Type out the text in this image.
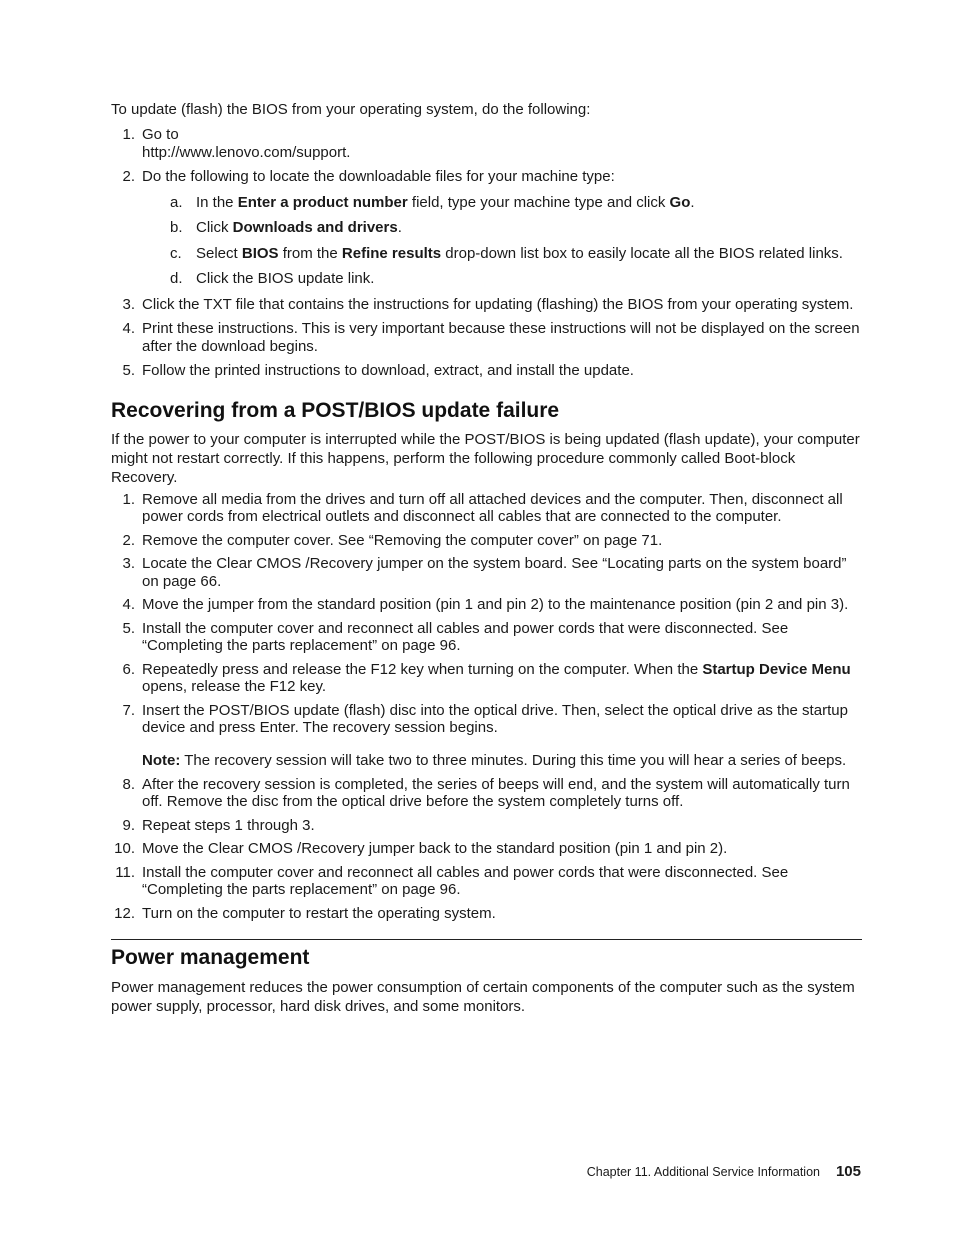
To update (flash) the BIOS from your operating system, do the following:

1. Go to
http://www.lenovo.com/support.
2. Do the following to locate the downloadable files for your machine type:
a. In the Enter a product number field, type your machine type and click Go.
b. Click Downloads and drivers.
c. Select BIOS from the Refine results drop-down list box to easily locate all the BIOS related links.
d. Click the BIOS update link.
3. Click the TXT file that contains the instructions for updating (flashing) the BIOS from your operating system.
4. Print these instructions. This is very important because these instructions will not be displayed on the screen after the download begins.
5. Follow the printed instructions to download, extract, and install the update.
Recovering from a POST/BIOS update failure

If the power to your computer is interrupted while the POST/BIOS is being updated (flash update), your computer might not restart correctly. If this happens, perform the following procedure commonly called Boot-block Recovery.

1. Remove all media from the drives and turn off all attached devices and the computer. Then, disconnect all power cords from electrical outlets and disconnect all cables that are connected to the computer.
2. Remove the computer cover. See “Removing the computer cover” on page 71.
3. Locate the Clear CMOS /Recovery jumper on the system board. See “Locating parts on the system board” on page 66.
4. Move the jumper from the standard position (pin 1 and pin 2) to the maintenance position (pin 2 and pin 3).
5. Install the computer cover and reconnect all cables and power cords that were disconnected. See “Completing the parts replacement” on page 96.
6. Repeatedly press and release the F12 key when turning on the computer. When the Startup Device Menu opens, release the F12 key.
7. Insert the POST/BIOS update (flash) disc into the optical drive. Then, select the optical drive as the startup device and press Enter. The recovery session begins.

Note: The recovery session will take two to three minutes. During this time you will hear a series of beeps.

8. After the recovery session is completed, the series of beeps will end, and the system will automatically turn off. Remove the disc from the optical drive before the system completely turns off.
9. Repeat steps 1 through 3.
10. Move the Clear CMOS /Recovery jumper back to the standard position (pin 1 and pin 2).
11. Install the computer cover and reconnect all cables and power cords that were disconnected. See “Completing the parts replacement” on page 96.
12. Turn on the computer to restart the operating system.
Power management

Power management reduces the power consumption of certain components of the computer such as the system power supply, processor, hard disk drives, and some monitors.

Chapter 11. Additional Service Information 105
